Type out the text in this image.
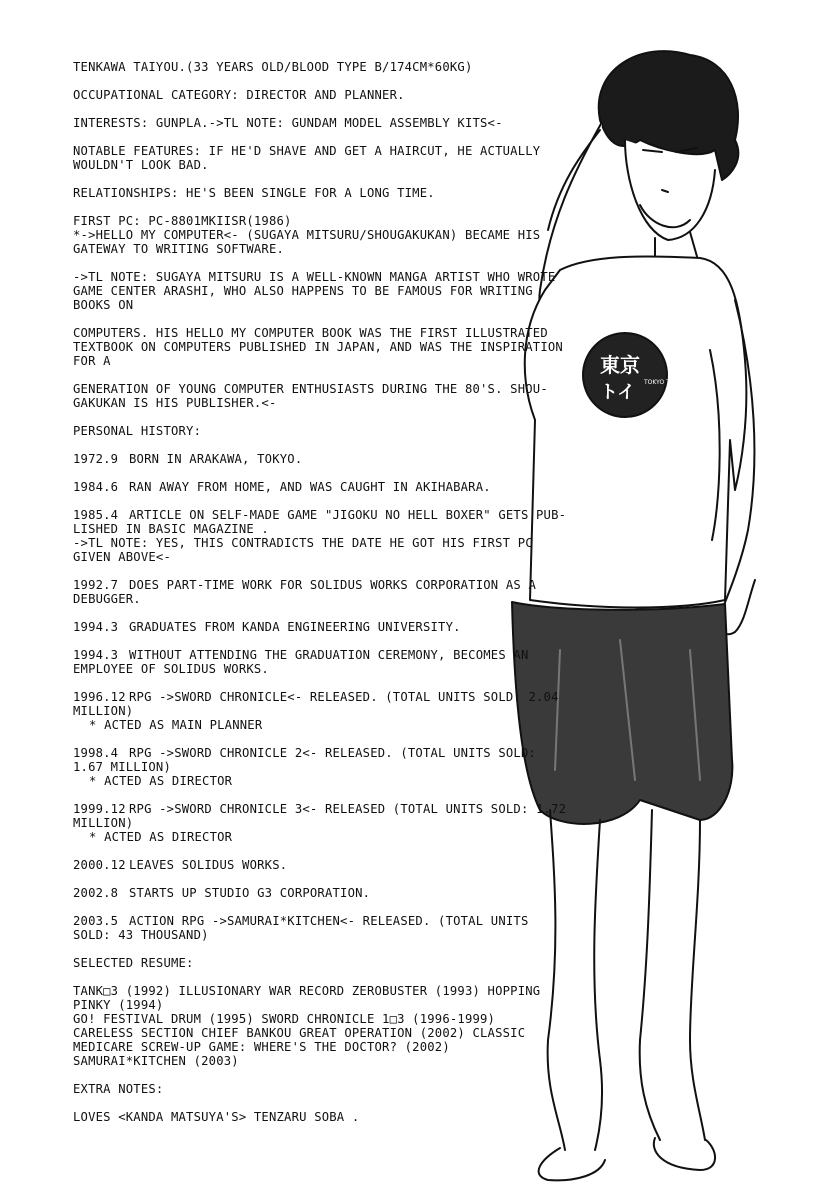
東京
トイ TOKYO TOYBOX

TENKAWA TAIYOU.(33 YEARS OLD/BLOOD TYPE B/174CM*60KG)

OCCUPATIONAL CATEGORY: DIRECTOR AND PLANNER.

INTERESTS: GUNPLA.->TL NOTE: GUNDAM MODEL ASSEMBLY KITS<-

NOTABLE FEATURES: IF HE'D SHAVE AND GET A HAIRCUT, HE ACTUALLY WOULDN'T LOOK BAD.

RELATIONSHIPS: HE'S BEEN SINGLE FOR A LONG TIME.

FIRST PC: PC-8801MKIISR(1986)
*->HELLO MY COMPUTER<- (SUGAYA MITSURU/SHOUGAKUKAN) BECAME HIS GATEWAY TO WRITING SOFTWARE.

->TL NOTE: SUGAYA MITSURU IS A WELL-KNOWN MANGA ARTIST WHO WROTE GAME CENTER ARASHI, WHO ALSO HAPPENS TO BE FAMOUS FOR WRITING BOOKS ON

COMPUTERS. HIS HELLO MY COMPUTER BOOK WAS THE FIRST ILLUSTRATED TEXTBOOK ON COMPUTERS PUBLISHED IN JAPAN, AND WAS THE INSPIRATION FOR A

GENERATION OF YOUNG COMPUTER ENTHUSIASTS DURING THE 80'S. SHOU-GAKUKAN IS HIS PUBLISHER.<-

PERSONAL HISTORY:

1972.9 BORN IN ARAKAWA, TOKYO.

1984.6 RAN AWAY FROM HOME, AND WAS CAUGHT IN AKIHABARA.

1985.4 ARTICLE ON SELF-MADE GAME "JIGOKU NO HELL BOXER" GETS PUB-LISHED IN BASIC MAGAZINE .
->TL NOTE: YES, THIS CONTRADICTS THE DATE HE GOT HIS FIRST PC GIVEN ABOVE<-

1992.7 DOES PART-TIME WORK FOR SOLIDUS WORKS CORPORATION AS A DEBUGGER.

1994.3 GRADUATES FROM KANDA ENGINEERING UNIVERSITY.

1994.3 WITHOUT ATTENDING THE GRADUATION CEREMONY, BECOMES AN EMPLOYEE OF SOLIDUS WORKS.

1996.12 RPG ->SWORD CHRONICLE<- RELEASED. (TOTAL UNITS SOLD: 2.04 MILLION)
* ACTED AS MAIN PLANNER

1998.4 RPG ->SWORD CHRONICLE 2<- RELEASED. (TOTAL UNITS SOLD: 1.67 MILLION)
* ACTED AS DIRECTOR

1999.12 RPG ->SWORD CHRONICLE 3<- RELEASED (TOTAL UNITS SOLD: 1.72 MILLION)
* ACTED AS DIRECTOR

2000.12 LEAVES SOLIDUS WORKS.

2002.8 STARTS UP STUDIO G3 CORPORATION.

2003.5 ACTION RPG ->SAMURAI*KITCHEN<- RELEASED. (TOTAL UNITS SOLD: 43 THOUSAND)

SELECTED RESUME:

TANK□3 (1992) ILLUSIONARY WAR RECORD ZEROBUSTER (1993) HOPPING PINKY (1994)
GO! FESTIVAL DRUM (1995) SWORD CHRONICLE 1□3 (1996-1999)
CARELESS SECTION CHIEF BANKOU GREAT OPERATION (2002) CLASSIC MEDICARE SCREW-UP GAME: WHERE'S THE DOCTOR? (2002)
SAMURAI*KITCHEN (2003)

EXTRA NOTES:

LOVES <KANDA MATSUYA'S> TENZARU SOBA .
